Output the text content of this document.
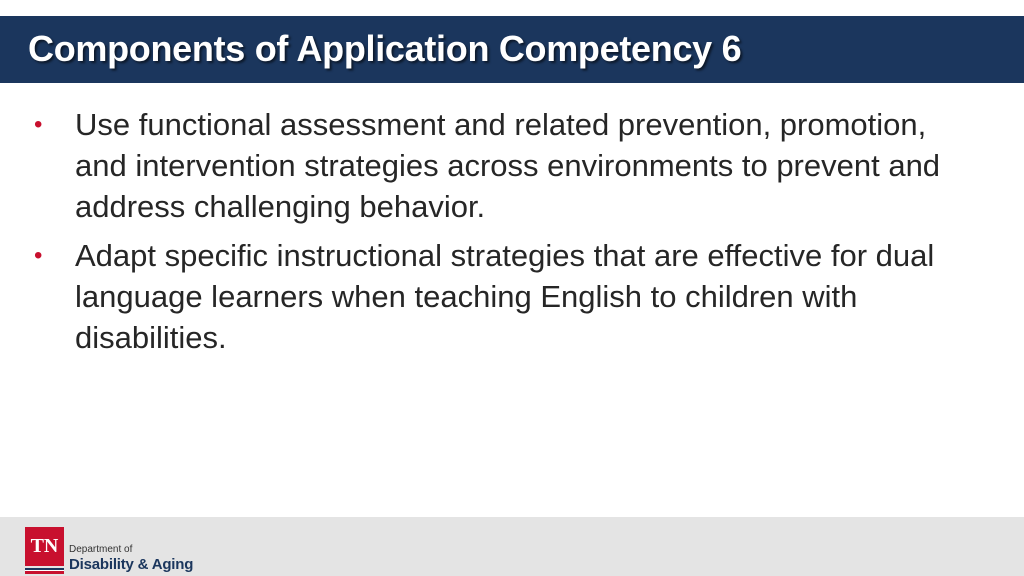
Components of Application Competency 6
• Use functional assessment and related prevention, promotion, and intervention strategies across environments to prevent and address challenging behavior.
• Adapt specific instructional strategies that are effective for dual language learners when teaching English to children with disabilities.
TN	Department of
Disability & Aging
